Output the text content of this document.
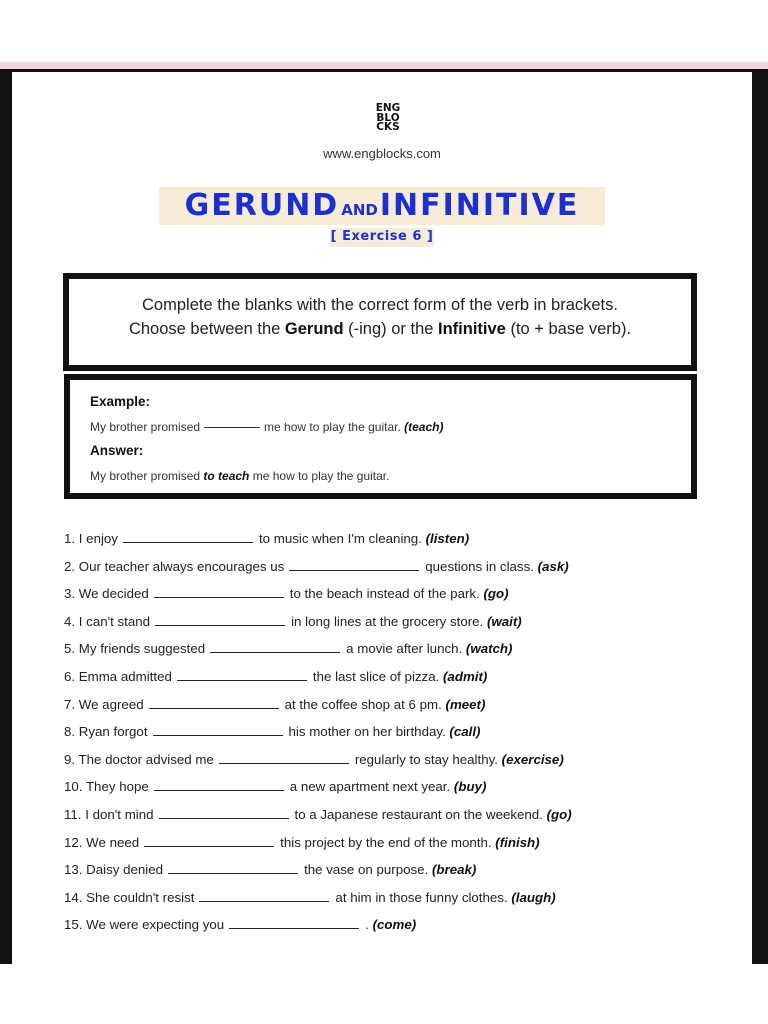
ENG
BLO
CKS
www.engblocks.com
GERUND ANDINFINITIVE
[ Exercise 6 ]
Complete the blanks with the correct form of the verb in brackets.
Choose between the Gerund (-ing) or the Infinitive (to + base verb).
Example:
My brother promised	me how to play the guitar. (teach)
Answer:
My brother promised to teach me how to play the guitar.
1. I enjoy	to music when I'm cleaning. (listen)
2. Our teacher always encourages us	questions in class. (ask)
3. We decided	to the beach instead of the park. (go)
4. I can't stand	in long lines at the grocery store. (wait)
5. My friends suggested	a movie after lunch. (watch)
6. Emma admitted	the last slice of pizza. (admit)
7. We agreed	at the coffee shop at 6 pm. (meet)
8. Ryan forgot	his mother on her birthday. (call)
9. The doctor advised me	regularly to stay healthy. (exercise)
10. They hope	a new apartment next year. (buy)
11. I don't mind	to a Japanese restaurant on the weekend. (go)
12. We need	this project by the end of the month. (finish)
13. Daisy denied	the vase on purpose. (break)
14. She couldn't resist	at him in those funny clothes. (laugh)
15. We were expecting you	. (come)
